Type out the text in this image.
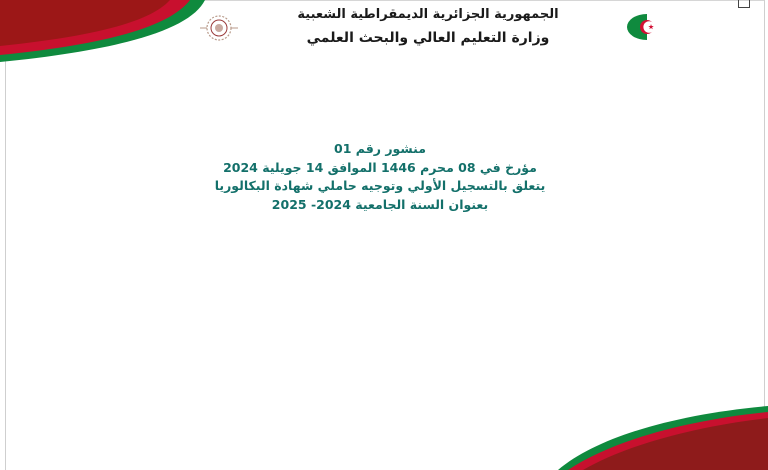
الجمهورية الجزائرية الديمقراطية الشعبية
وزارة التعليم العالي والبحث العلمي
منشور رقم 01
مؤرخ في 08 محرم 1446 الموافق 14 جويلية 2024
يتعلق بالتسجيل الأولي وتوجيه حاملي شهادة البكالوريا
بعنوان السنة الجامعية 2024- 2025
